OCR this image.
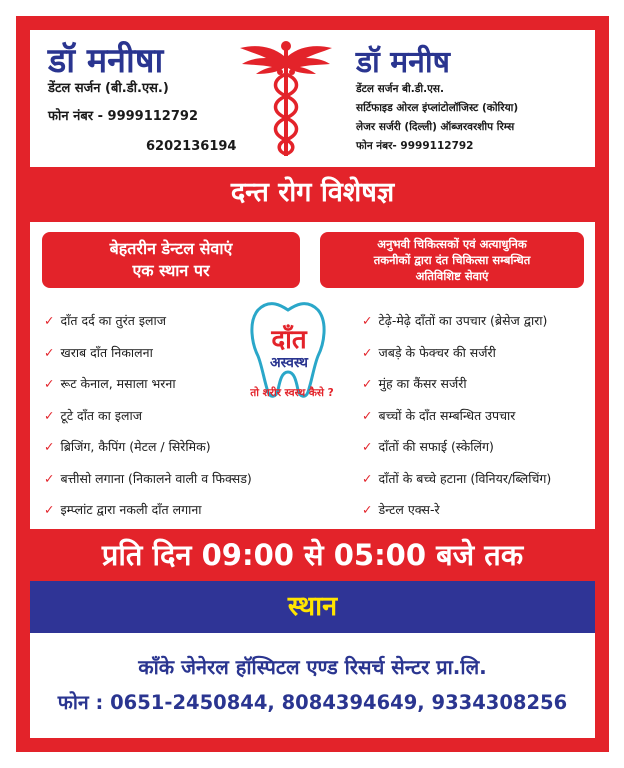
डॉ मनीषा
डेंटल सर्जन (बी.डी.एस.)
फोन नंबर - 9999112792
6202136194
डॉ मनीष
डेंटल सर्जन बी.डी.एस.
सर्टिफाइड ओरल इंप्लांटोलॉजिस्ट (कोरिया)
लेजर सर्जरी (दिल्ली) ऑब्जरवरशीप रिम्स
फोन नंबर- 9999112792
दन्त रोग विशेषज्ञ
बेहतरीन डेन्टल सेवाएं
एक स्थान पर
अनुभवी चिकित्सकों एवं अत्याधुनिक
तकनीकों द्वारा दंत चिकित्सा सम्बन्धित
अतिविशिष्ट सेवाएं
✓ दाँत दर्द का तुरंत इलाज
✓ खराब दाँत निकालना
✓ रूट केनाल, मसाला भरना
✓ टूटे दाँत का इलाज
✓ ब्रिजिंग, कैपिंग (मेटल / सिरेमिक)
✓ बत्तीसो लगाना (निकालने वाली व फिक्सड)
✓ इम्प्लांट द्वारा नकली दाँत लगाना
✓ टेढ़े-मेढ़े दाँतों का उपचार (ब्रेसेज द्वारा)
✓ जबड़े के फेक्चर की सर्जरी
✓ मुंह का कैंसर सर्जरी
✓ बच्चों के दाँत सम्बन्धित उपचार
✓ दाँतों की सफाई (स्केलिंग)
✓ दाँतों के बच्चे हटाना (विनियर/ब्लिचिंग)
✓ डेन्टल एक्स-रे
दाँत
अस्वस्थ
तो शरीर स्वस्थ कैसे ?
प्रति दिन 09:00 से 05:00 बजे तक
स्थान
काँके जेनेरल हॉस्पिटल एण्ड रिसर्च सेन्टर प्रा.लि.
फोन : 0651-2450844, 8084394649, 9334308256
